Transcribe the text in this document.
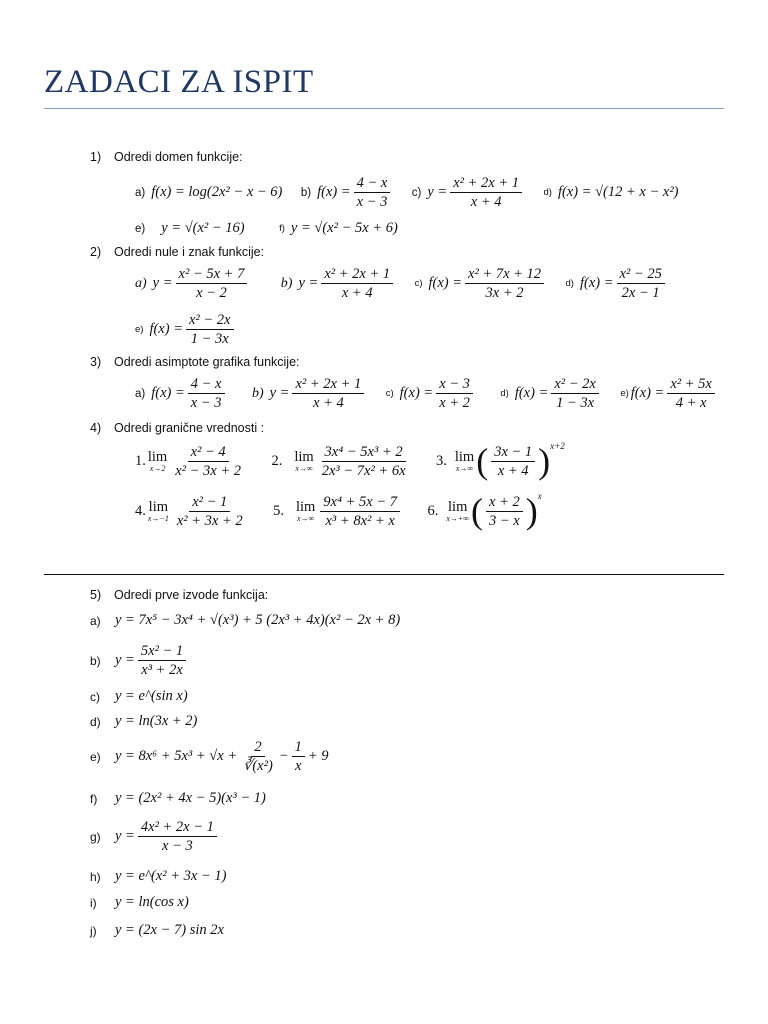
ZADACI ZA ISPIT
1) Odredi domen funkcije:
a) f(x) = log(2x² − x − 6)
b) $f(x) = \frac{4 - x}{x - 3}$
c) $y = \frac{\text{x² + 2x + 1}}{x + 4}$
d) f(x) = √(12 + x − x²)
e) y = √(x² − 16)
	f) y = √(x² − 5x + 6)
2) Odredi nule i znak funkcije:
a) $y = \frac{\text{x² − 5x + 7}}{x - 2}$
b) $y = \frac{\text{x² + 2x + 1}}{x + 4}$
c) $f(x) = \frac{\text{x² + 7x + 12}}{3x + 2}$
d) $f(x) = \frac{\text{x² − 25}}{2x - 1}$
e) $f(x) = \frac{\text{x² − 2x}}{1 - 3x}$
3) Odredi asimptote grafika funkcije:
a) $f(x) = \frac{4 - x}{x - 3}$
b) $y = \frac{\text{x² + 2x + 1}}{x + 4}$
c) $f(x) = \frac{x - 3}{x + 2}$
	d) $f(x) = \frac{\text{x² − 2x}}{1 - 3x}$
e) $f(x) = \frac{\text{x² + 5x}}{4 + x}$
4) Odredi granične vrednosti :
1. lim
$x\to 2 \frac{\text{x² − 4}}{\text{x² − 3x + 2}}$
2. lim
$x\to\infty \frac{\text{3x⁴ − 5x³ + 2}}{\text{2x³ − 7x² + 6x}}$
3. lim
x→∞ ( $\frac{3x - 1}{x + 4}$ ) x+2
4. lim
$x\to-1 \frac{\text{x² − 1}}{\text{x² + 3x + 2}}$
5. lim
$x\to\infty \frac{\text{9x⁴ + 5x − 7}}{\text{x³ + 8x² + x}}$
6. lim
x→+∞ ( $\frac{x + 2}{3 - x}$ ) x
5) Odredi prve izvode funkcija:
a) y = 7x⁵ − 3x⁴ + √(x³) + 5 (2x³ + 4x)(x² − 2x + 8)
b) $y = \frac{\text{5x² − 1}}{\text{x³ + 2x}}$
c)	y = e^(sin x)
d) y = ln(3x + 2)
e) $y = 8x^6 + 5x^3 + √x + \frac{2}{\text{∛(x²)}} - \frac{1}{x} + 9$
f)	y = (2x² + 4x − 5)(x³ − 1)
g) $y = \frac{\text{4x² + 2x − 1}}{x - 3}$
h) y = e^(x² + 3x − 1)
i)	y = ln(cos x)
j)	y = (2x − 7) sin 2x
